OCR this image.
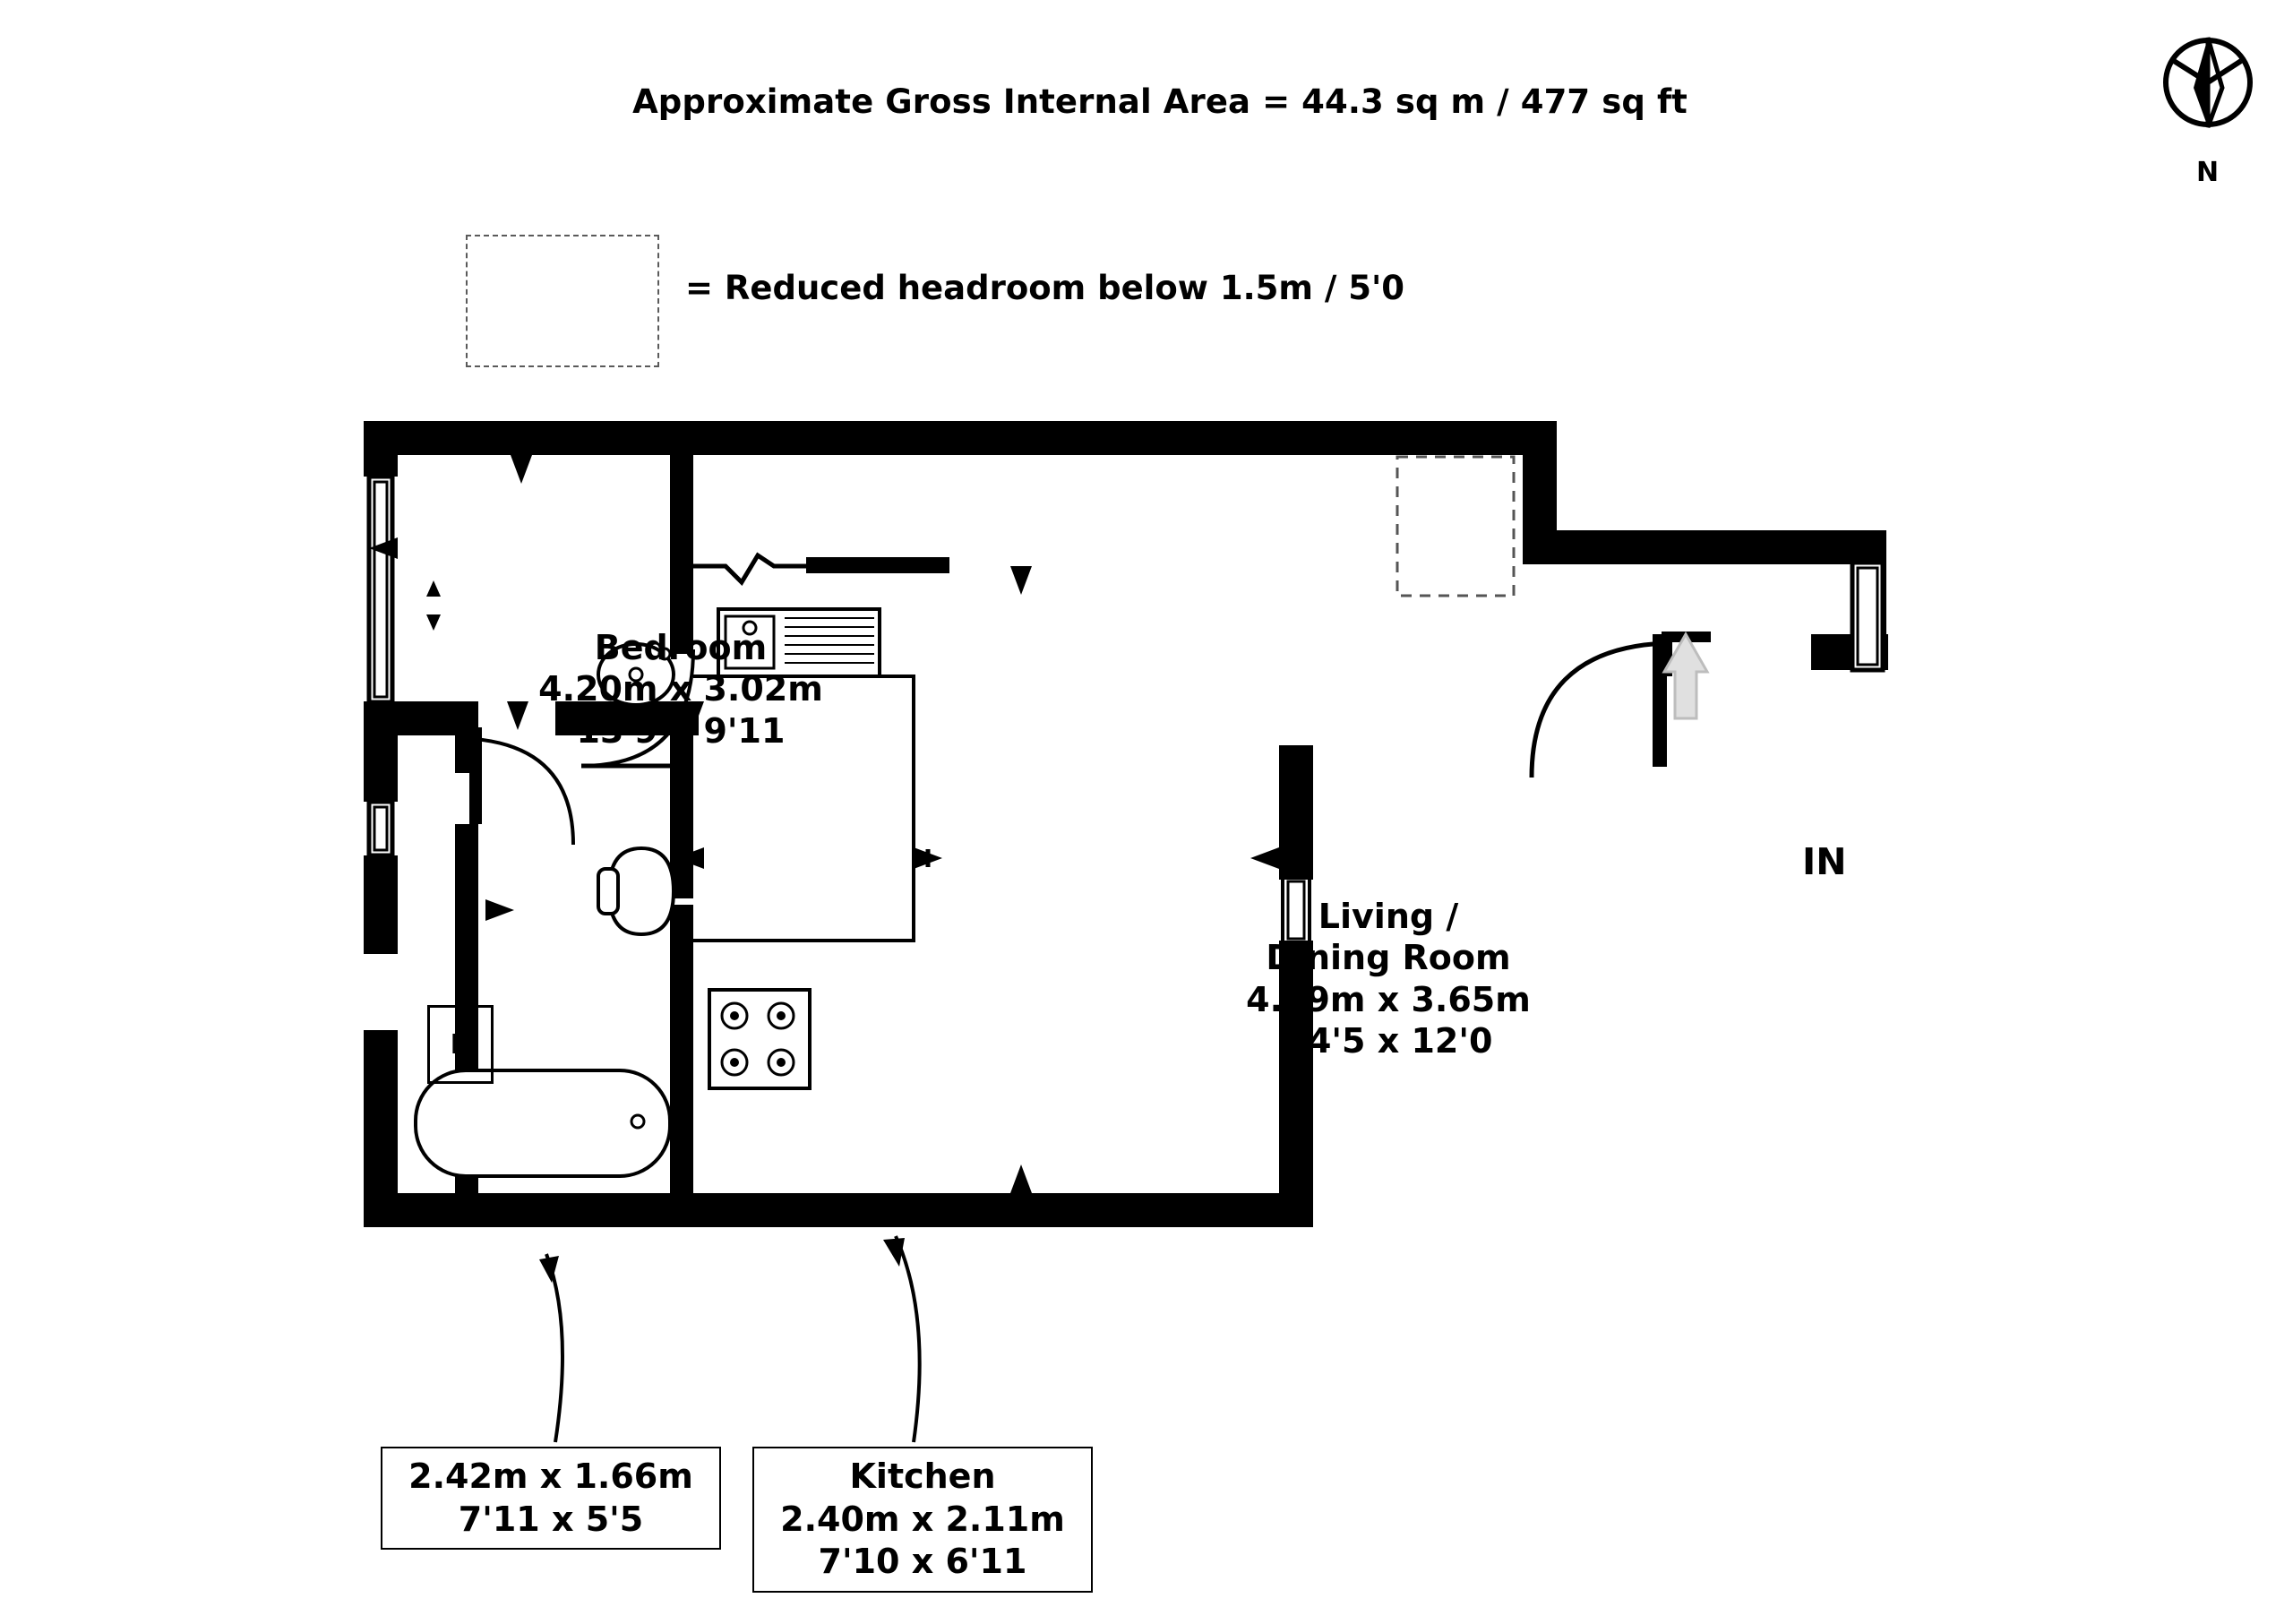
Approximate Gross Internal Area = 44.3 sq m / 477 sq ft
= Reduced headroom below 1.5m / 5'0
N
Bedroom
4.20m x 3.02m
13'9 x 9'11
Living /
Dining Room
4.39m x 3.65m
14'5 x 12'0
IN
B
2.42m x 1.66m
7'11 x 5'5
Kitchen
2.40m x 2.11m
7'10 x 6'11
